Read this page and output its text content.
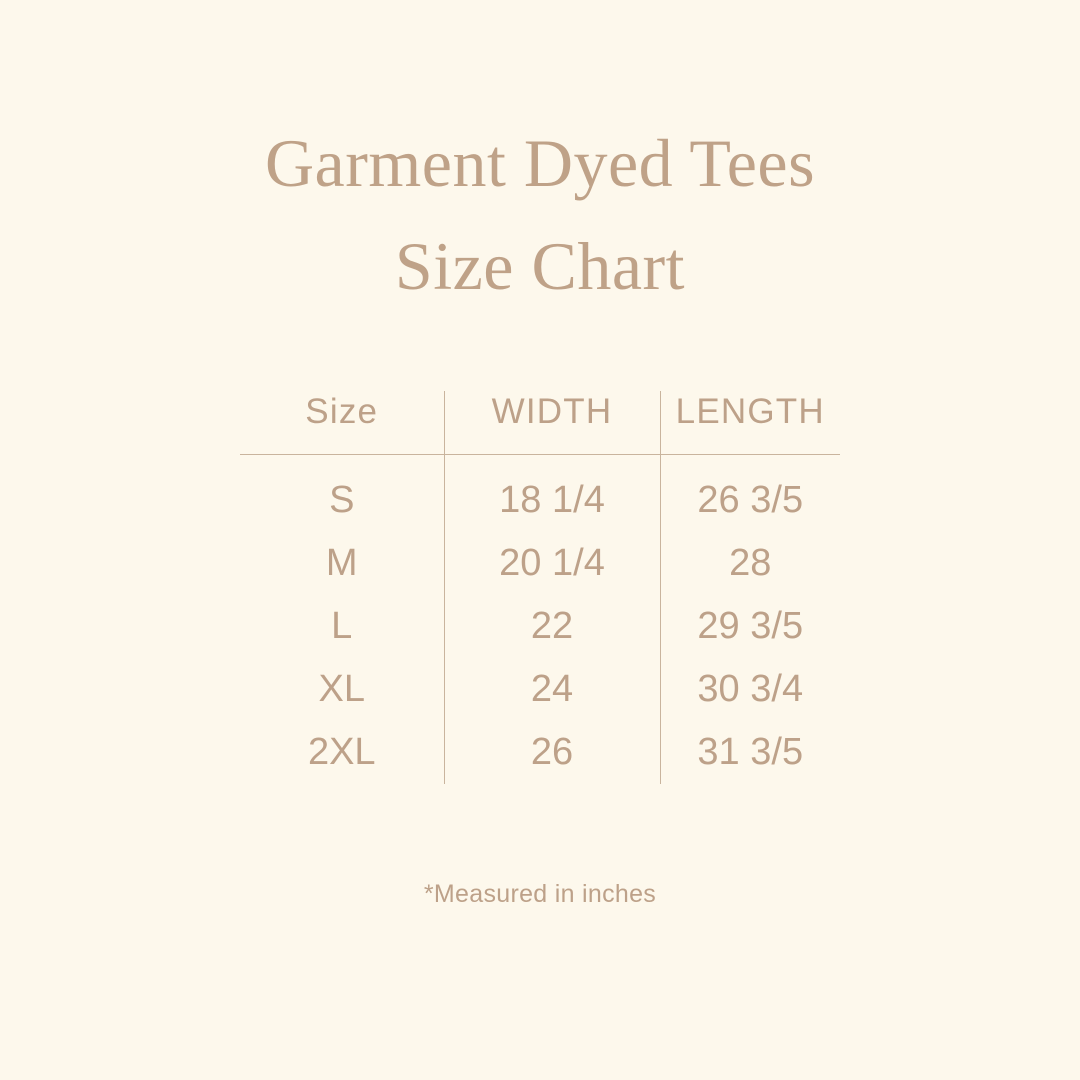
Garment Dyed Tees
Size Chart
Size	WIDTH	LENGTH
S	18 1/4	26 3/5
M	20 1/4	28
L	22	29 3/5
XL	24	30 3/4
2XL	26	31 3/5
*Measured in inches
